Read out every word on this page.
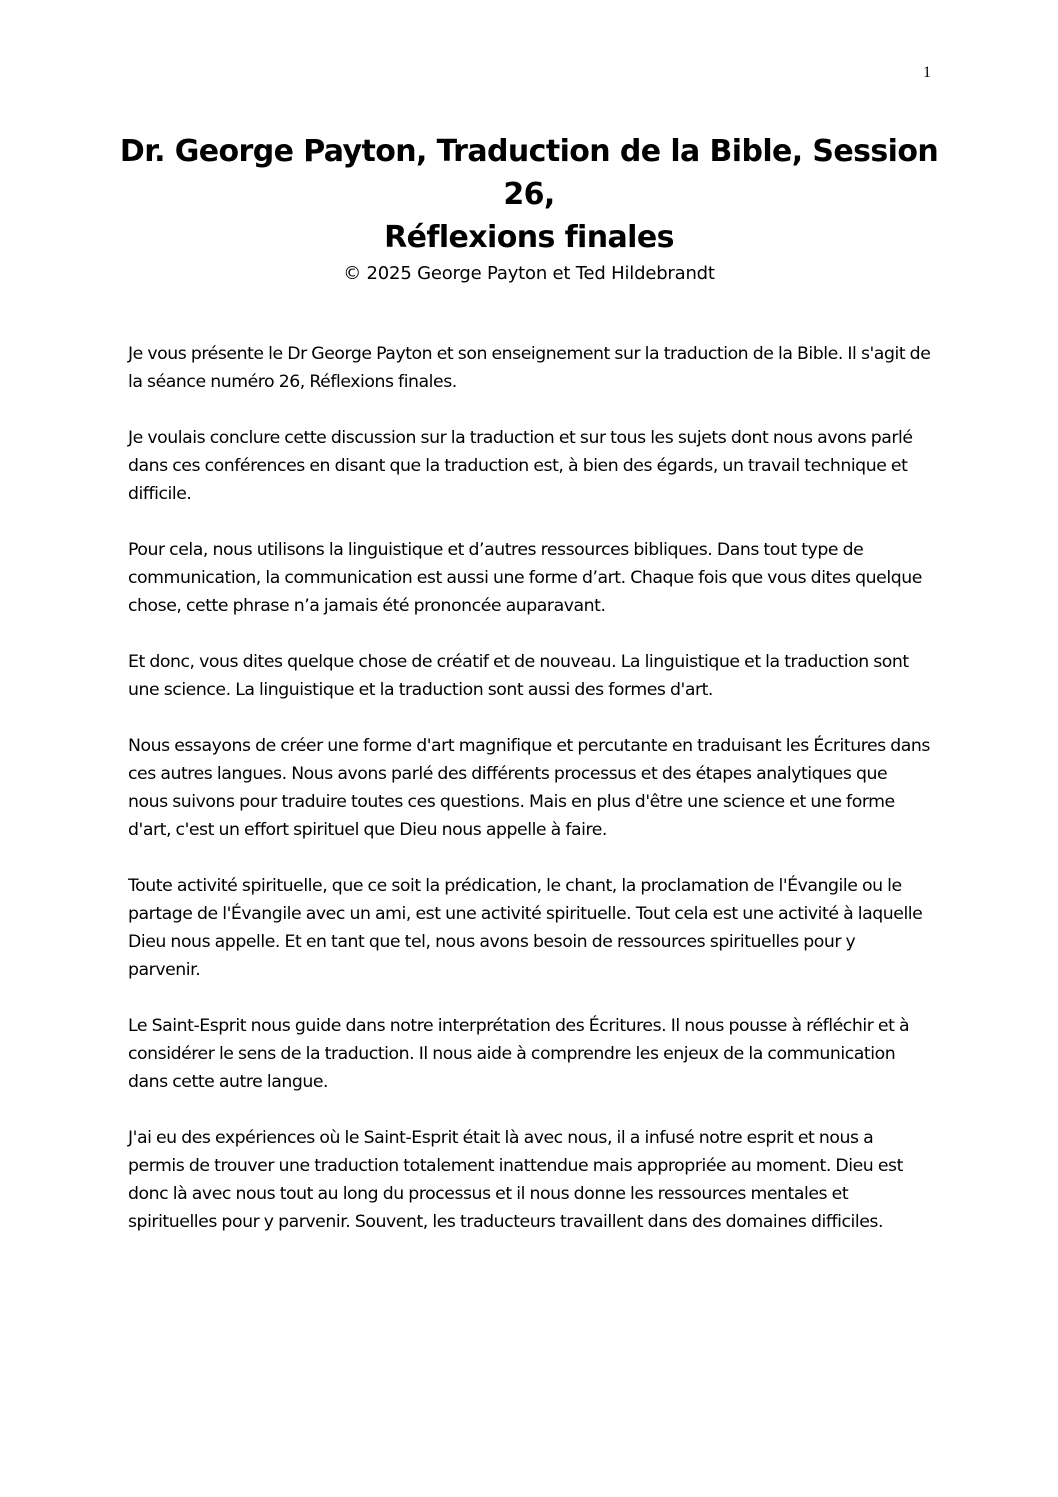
1
Dr. George Payton, Traduction de la Bible, Session
26,
Réflexions finales
© 2025 George Payton et Ted Hildebrandt

Je vous présente le Dr George Payton et son enseignement sur la traduction de la Bible. Il s'agit de la séance numéro 26, Réflexions finales.

Je voulais conclure cette discussion sur la traduction et sur tous les sujets dont nous avons parlé dans ces conférences en disant que la traduction est, à bien des égards, un travail technique et difficile.

Pour cela, nous utilisons la linguistique et d’autres ressources bibliques. Dans tout type de communication, la communication est aussi une forme d’art. Chaque fois que vous dites quelque chose, cette phrase n’a jamais été prononcée auparavant.

Et donc, vous dites quelque chose de créatif et de nouveau. La linguistique et la traduction sont une science. La linguistique et la traduction sont aussi des formes d'art.

Nous essayons de créer une forme d'art magnifique et percutante en traduisant les Écritures dans ces autres langues. Nous avons parlé des différents processus et des étapes analytiques que nous suivons pour traduire toutes ces questions. Mais en plus d'être une science et une forme d'art, c'est un effort spirituel que Dieu nous appelle à faire.

Toute activité spirituelle, que ce soit la prédication, le chant, la proclamation de l'Évangile ou le partage de l'Évangile avec un ami, est une activité spirituelle. Tout cela est une activité à laquelle Dieu nous appelle. Et en tant que tel, nous avons besoin de ressources spirituelles pour y parvenir.

Le Saint-Esprit nous guide dans notre interprétation des Écritures. Il nous pousse à réfléchir et à considérer le sens de la traduction. Il nous aide à comprendre les enjeux de la communication dans cette autre langue.

J'ai eu des expériences où le Saint-Esprit était là avec nous, il a infusé notre esprit et nous a permis de trouver une traduction totalement inattendue mais appropriée au moment. Dieu est donc là avec nous tout au long du processus et il nous donne les ressources mentales et spirituelles pour y parvenir. Souvent, les traducteurs travaillent dans des domaines difficiles.
